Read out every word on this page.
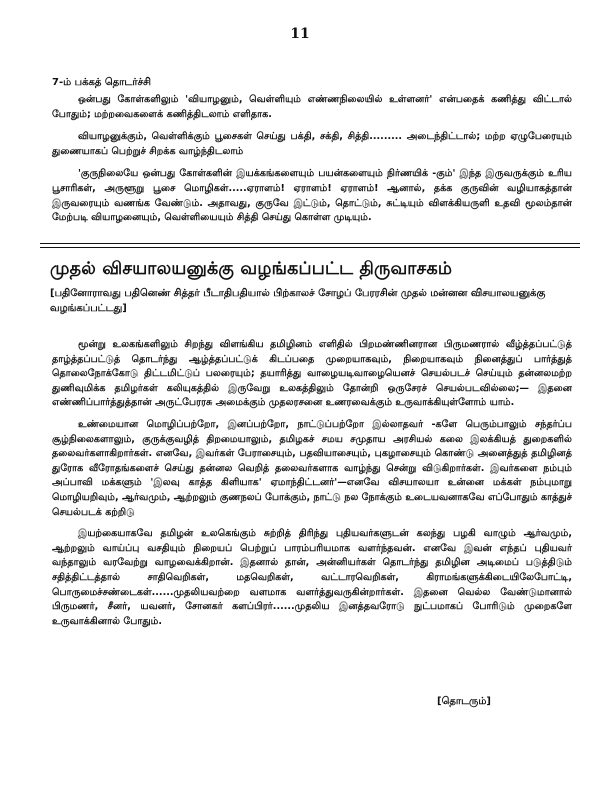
11

7-ம் பக்கத் தொடர்ச்சி

ஒன்பது கோள்களிலும் 'வியாழனும், வெள்ளியும் எண்ணநிலையில் உள்ளனர்' என்பதைக் கணித்து விட்டால் போதும்; மற்றவைகளைக் கணித்திடலாம் எளிதாக.

வியாழனுக்கும், வெள்ளிக்கும் பூசைகள் செய்து பக்தி, சக்தி, சித்தி......... அடைந்திட்டால்; மற்ற ஏழுபேரையும் துணையாகப் பெற்றுச் சிறக்க வாழ்ந்திடலாம்

'குருநிலையே ஒன்பது கோள்களின் இயக்கங்களையும் பயன்களையும் நிர்ணயிக் -கும்' இந்த இருவருக்கும் உரிய பூசாரிகள், அருளூறு பூசை மொழிகள்.....ஏராளம்! ஏராளம்! ஏராளம்! ஆனால், தக்க குருவின் வழியாகத்தான் இருவரையும் வணங்க வேண்டும். அதாவது, குருவே இட்டும், தொட்டும், சுட்டியும் விளக்கியருளி உதவி மூலம்தான் மேற்படி வியாழனையும், வெள்ளியையும் சித்தி செய்து கொள்ள முடியும்.

முதல் விசயாலயனுக்கு வழங்கப்பட்ட திருவாசகம்

[பதினோராவது பதினெண் சித்தர் பீடாதிபதியால் பிற்காலச் சோழப் பேரரசின் முதல் மன்னன விசயாலயனுக்கு வழங்கப்பட்டது]

மூன்று உலகங்களிலும் சிறந்து விளங்கிய தமிழினம் எளிதில் பிறமண்ணினரான பிருமணரால் வீழ்த்தப்பட்டுத் தாழ்த்தப்பட்டுத் தொடர்ந்து ஆழ்த்தப்பட்டுக் கிடப்பதை முறையாகவும், நிறையாகவும் நினைத்துப் பார்த்துத் தொலைநோக்கோடு திட்டமிட்டுப் பலரையும்; தயாரித்து வாழையடிவாழையெனச் செயல்படச் செய்யும் தன்னலமற்ற துணிவுமிக்க தமிழர்கள் கலியுகத்தில் இருவேறு உலகத்திலும் தோன்றி ஒருசேரச் செயல்படவில்லை;— இதனை எண்ணிப்பார்த்துத்தான் அருட்பேரரசு அமைக்கும் முதலரசனை உணரவைக்கும் உருவாக்கியுள்ளோம் யாம்.

உண்மையான மொழிப்பற்றோ, இனப்பற்றோ, நாட்டுப்பற்றோ இல்லாதவர் -களே பெரும்பாலும் சந்தர்ப்ப சூழ்நிலைகளாலும், குருக்குவழித் திறமையாலும், தமிழகச் சமய சமுதாய அரசியல் கலை இலக்கியத் துறைகளில் தலைவர்களாகிறார்கள். எனவே, இவர்கள் பேராசையும், பதவியாசையும், புகழாசையும் கொண்டு அனைத்துத் தமிழினத் துரோக வீரோதங்களைச் செய்து தன்னல வெறித் தலைவர்களாக வாழ்ந்து சென்று விடுகிறார்கள். இவர்களை நம்பும் அப்பாவி மக்களும் 'இலவு காத்த கிளியாக' ஏமாந்திட்டனர்'—எனவே விசயாலயா உன்னை மக்கள் நம்புமாறு மொழியறிவும், ஆர்வமும், ஆற்றலும் குணநலப் போக்கும், நாட்டு நல நோக்கும் உடையவனாகவே எப்போதும் காத்துச் செயல்படக் கற்றிடு

இயற்கையாகவே தமிழன் உலகெங்கும் சுற்றித் திரிந்து புதியவர்களுடன் கலந்து பழகி வாழும் ஆர்வமும், ஆற்றலும் வாய்ப்பு வசதியும் நிறையப் பெற்றுப் பாரம்பரியமாக வளர்ந்தவன். எனவே இவன் எந்தப் புதியவர் வந்தாலும் வரவேற்று வாழவைக்கிறான். இதனால் தான், அன்னியர்கள் தொடர்ந்து தமிழின அடிமைப் படுத்திடும் சதித்திட்டத்தால் சாதிவெறிகள், மதவெறிகள், வட்டாரவெறிகள், கிராமங்களுக்கிடையிலேபோட்டி, பொருமைச்சண்டைகள்......முதலியவற்றை வளமாக வளர்த்துவருகின்றார்கள். இதனை வெல்ல வேண்டுமானால் பிருமணர், சீனர், யவனர், சோனகர் களப்பிரர்......முதலிய இனத்தவரோடு நுட்பமாகப் போரிடும் முறைகளே உருவாக்கினால் போதும்.

[தொடரும்]
